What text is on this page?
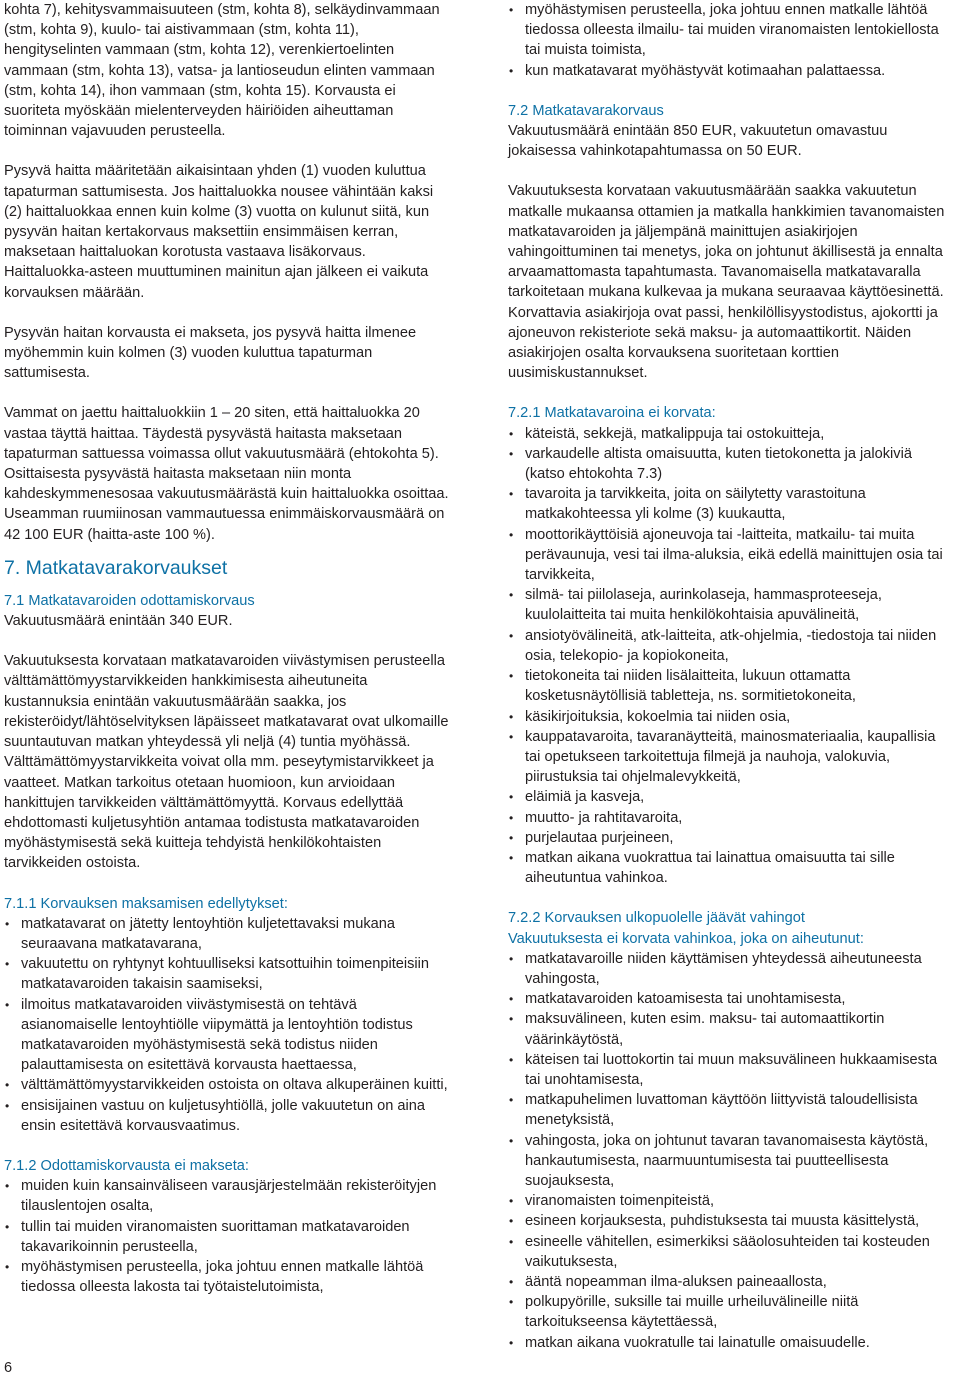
kohta 7), kehitysvammaisuuteen (stm, kohta 8), selkäydinvammaan (stm, kohta 9), kuulo- tai aistivammaan (stm, kohta 11), hengityselinten vammaan (stm, kohta 12), verenkiertoelinten vammaan (stm, kohta 13), vatsa- ja lantioseudun elinten vammaan (stm, kohta 14), ihon vammaan (stm, kohta 15). Korvausta ei suoriteta myöskään mielenterveyden häiriöiden aiheuttaman toiminnan vajavuuden perusteella.

Pysyvä haitta määritetään aikaisintaan yhden (1) vuoden kuluttua tapaturman sattumisesta. Jos haittaluokka nousee vähintään kaksi (2) haittaluokkaa ennen kuin kolme (3) vuotta on kulunut siitä, kun pysyvän haitan kertakorvaus maksettiin ensimmäisen kerran, maksetaan haittaluokan korotusta vastaava lisäkorvaus. Haittaluokka-asteen muuttuminen mainitun ajan jälkeen ei vaikuta korvauksen määrään.

Pysyvän haitan korvausta ei makseta, jos pysyvä haitta ilmenee myöhemmin kuin kolmen (3) vuoden kuluttua tapaturman sattumisesta.

Vammat on jaettu haittaluokkiin 1 – 20 siten, että haittaluokka 20 vastaa täyttä haittaa. Täydestä pysyvästä haitasta maksetaan tapaturman sattuessa voimassa ollut vakuutusmäärä (ehtokohta 5). Osittaisesta pysyvästä haitasta maksetaan niin monta kahdeskymmenesosaa vakuutusmäärästä kuin haittaluokka osoittaa. Useamman ruumiinosan vammautuessa enimmäiskorvausmäärä on 42 100 EUR (haitta-aste 100 %).

7. Matkatavarakorvaukset

7.1 Matkatavaroiden odottamiskorvaus

Vakuutusmäärä enintään 340 EUR.

Vakuutuksesta korvataan matkatavaroiden viivästymisen perusteella välttämättömyystarvikkeiden hankkimisesta aiheutuneita kustannuksia enintään vakuutusmäärään saakka, jos rekisteröidyt/lähtöselvityksen läpäisseet matkatavarat ovat ulkomaille suuntautuvan matkan yhteydessä yli neljä (4) tuntia myöhässä. Välttämättömyystarvikkeita voivat olla mm. peseytymistarvikkeet ja vaatteet. Matkan tarkoitus otetaan huomioon, kun arvioidaan hankittujen tarvikkeiden välttämättömyyttä. Korvaus edellyttää ehdottomasti kuljetusyhtiön antamaa todistusta matkatavaroiden myöhästymisestä sekä kuitteja tehdyistä henkilökohtaisten tarvikkeiden ostoista.

7.1.1 Korvauksen maksamisen edellytykset:

• matkatavarat on jätetty lentoyhtiön kuljetettavaksi mukana seuraavana matkatavarana,
• vakuutettu on ryhtynyt kohtuulliseksi katsottuihin toimenpiteisiin matkatavaroiden takaisin saamiseksi,
• ilmoitus matkatavaroiden viivästymisestä on tehtävä asianomaiselle lentoyhtiölle viipymättä ja lentoyhtiön todistus matkatavaroiden myöhästymisestä sekä todistus niiden palauttamisesta on esitettävä korvausta haettaessa,
• välttämättömyystarvikkeiden ostoista on oltava alkuperäinen kuitti,
• ensisijainen vastuu on kuljetusyhtiöllä, jolle vakuutetun on aina ensin esitettävä korvausvaatimus.

7.1.2 Odottamiskorvausta ei makseta:

• muiden kuin kansainväliseen varausjärjestelmään rekisteröityjen tilauslentojen osalta,
• tullin tai muiden viranomaisten suorittaman matkatavaroiden takavarikoinnin perusteella,
• myöhästymisen perusteella, joka johtuu ennen matkalle lähtöä tiedossa olleesta lakosta tai työtaistelutoimista,
• myöhästymisen perusteella, joka johtuu ennen matkalle lähtöä tiedossa olleesta ilmailu- tai muiden viranomaisten lentokiellosta tai muista toimista,
• kun matkatavarat myöhästyvät kotimaahan palattaessa.

7.2 Matkatavarakorvaus

Vakuutusmäärä enintään 850 EUR, vakuutetun omavastuu jokaisessa vahinkotapahtumassa on 50 EUR.

Vakuutuksesta korvataan vakuutusmäärään saakka vakuutetun matkalle mukaansa ottamien ja matkalla hankkimien tavanomaisten matkatavaroiden ja jäljempänä mainittujen asiakirjojen vahingoittuminen tai menetys, joka on johtunut äkillisestä ja ennalta arvaamattomasta tapahtumasta. Tavanomaisella matkatavaralla tarkoitetaan mukana kulkevaa ja mukana seuraavaa käyttöesinettä. Korvattavia asiakirjoja ovat passi, henkilöllisyystodistus, ajokortti ja ajoneuvon rekisteriote sekä maksu- ja automaattikortit. Näiden asiakirjojen osalta korvauksena suoritetaan korttien uusimiskustannukset.

7.2.1 Matkatavaroina ei korvata:

• käteistä, sekkejä, matkalippuja tai ostokuitteja,
• varkaudelle altista omaisuutta, kuten tietokonetta ja jalokiviä (katso ehtokohta 7.3)
• tavaroita ja tarvikkeita, joita on säilytetty varastoituna matkakohteessa yli kolme (3) kuukautta,
• moottorikäyttöisiä ajoneuvoja tai -laitteita, matkailu- tai muita perävaunuja, vesi tai ilma-aluksia, eikä edellä mainittujen osia tai tarvikkeita,
• silmä- tai piilolaseja, aurinkolaseja, hammasproteeseja, kuulolaitteita tai muita henkilökohtaisia apuvälineitä,
• ansiotyövälineitä, atk-laitteita, atk-ohjelmia, -tiedostoja tai niiden osia, telekopio- ja kopiokoneita,
• tietokoneita tai niiden lisälaitteita, lukuun ottamatta kosketusnäytöllisiä tabletteja, ns. sormitietokoneita,
• käsikirjoituksia, kokoelmia tai niiden osia,
• kauppatavaroita, tavaranäytteitä, mainosmateriaalia, kaupallisia tai opetukseen tarkoitettuja filmejä ja nauhoja, valokuvia, piirustuksia tai ohjelmalevykkeitä,
• eläimiä ja kasveja,
• muutto- ja rahtitavaroita,
• purjelautaa purjeineen,
• matkan aikana vuokrattua tai lainattua omaisuutta tai sille aiheutuntua vahinkoa.

7.2.2 Korvauksen ulkopuolelle jäävät vahingot

Vakuutuksesta ei korvata vahinkoa, joka on aiheutunut:

• matkatavaroille niiden käyttämisen yhteydessä aiheutuneesta vahingosta,
• matkatavaroiden katoamisesta tai unohtamisesta,
• maksuvälineen, kuten esim. maksu- tai automaattikortin väärinkäytöstä,
• käteisen tai luottokortin tai muun maksuvälineen hukkaamisesta tai unohtamisesta,
• matkapuhelimen luvattoman käyttöön liittyvistä taloudellisista menetyksistä,
• vahingosta, joka on johtunut tavaran tavanomaisesta käytöstä, hankautumisesta, naarmuuntumisesta tai puutteellisesta suojauksesta,
• viranomaisten toimenpiteistä,
• esineen korjauksesta, puhdistuksesta tai muusta käsittelystä,
• esineelle vähitellen, esimerkiksi sääolosuhteiden tai kosteuden vaikutuksesta,
• ääntä nopeamman ilma-aluksen paineaallosta,
• polkupyörille, suksille tai muille urheiluvälineille niitä tarkoitukseensa käytettäessä,
• matkan aikana vuokratulle tai lainatulle omaisuudelle.
6
